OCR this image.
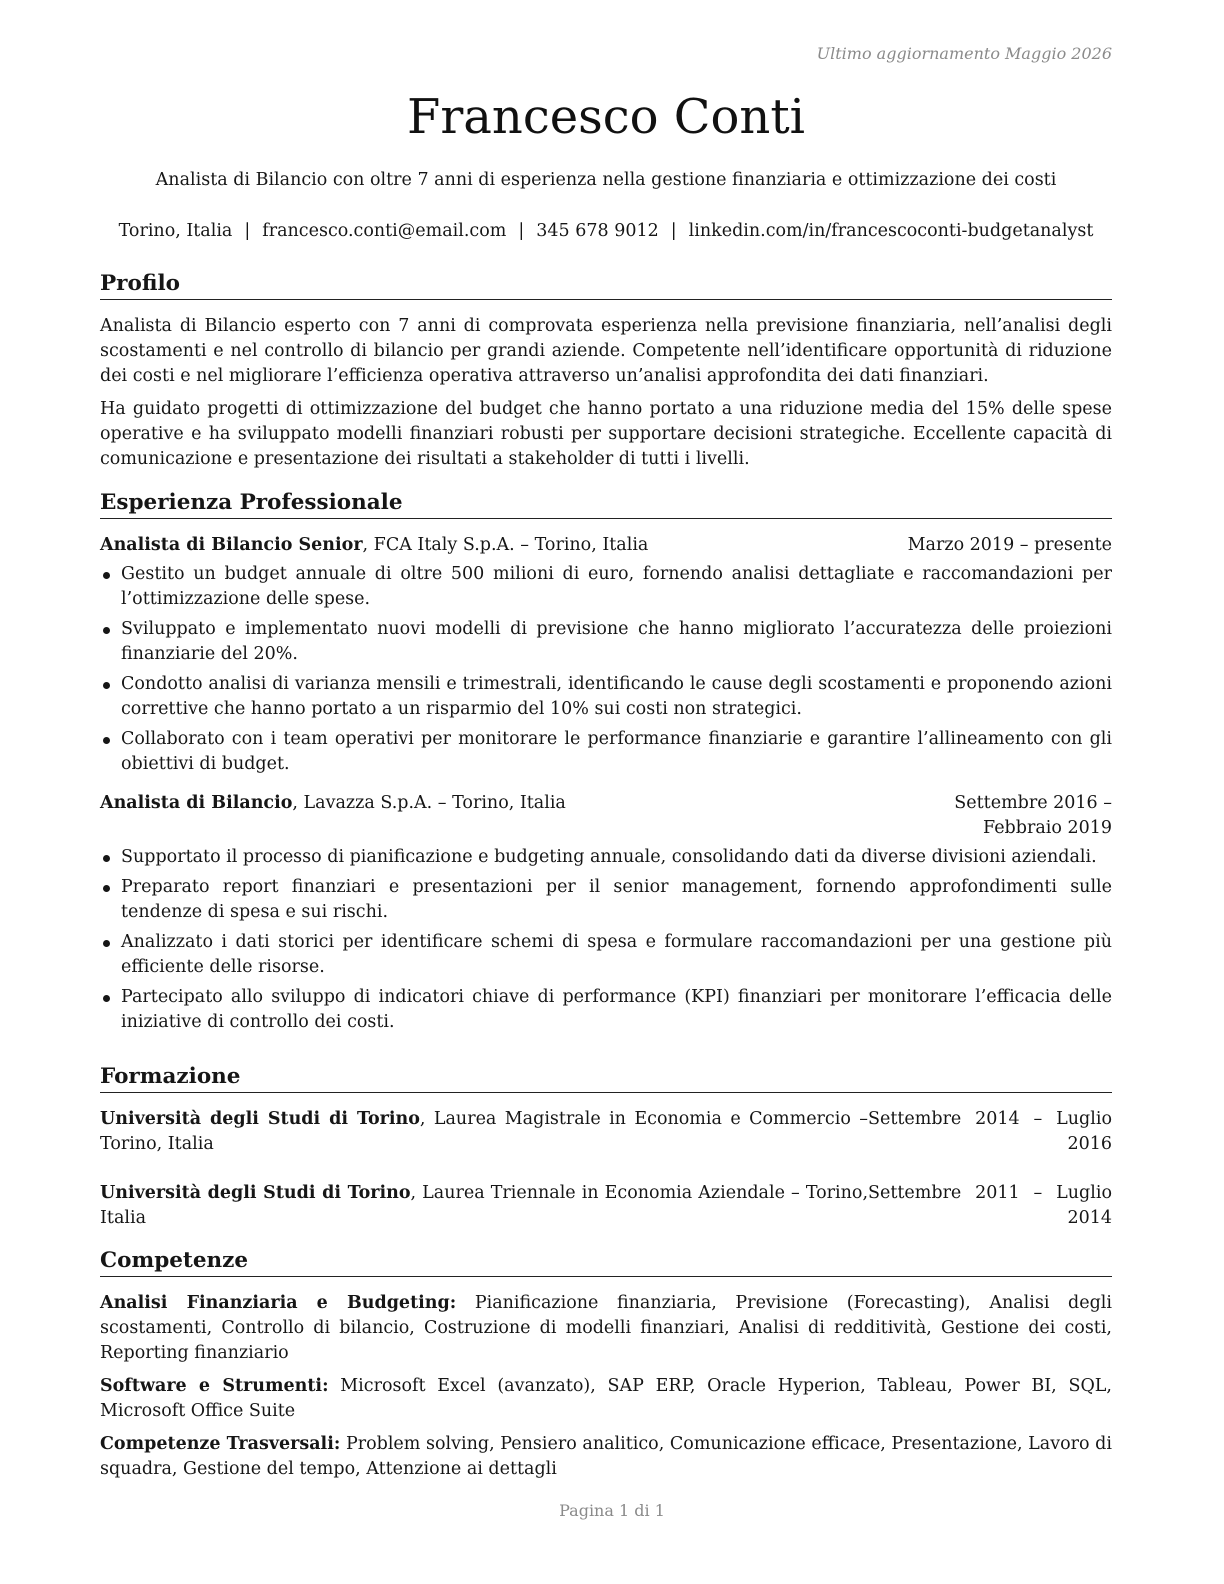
Ultimo aggiornamento Maggio 2026
Francesco Conti
Analista di Bilancio con oltre 7 anni di esperienza nella gestione finanziaria e ottimizzazione dei costi
Torino, Italia | francesco.conti@email.com | 345 678 9012 | linkedin.com/in/francescoconti-budgetanalyst
Profilo

Analista di Bilancio esperto con 7 anni di comprovata esperienza nella previsione finanziaria, nell’analisi degli scostamenti e nel controllo di bilancio per grandi aziende. Competente nell’identificare opportunità di riduzione dei costi e nel migliorare l’efficienza operativa attraverso un’analisi approfondita dei dati finanziari.

Ha guidato progetti di ottimizzazione del budget che hanno portato a una riduzione media del 15% delle spese operative e ha sviluppato modelli finanziari robusti per supportare decisioni strategiche. Eccellente capacità di comunicazione e presentazione dei risultati a stakeholder di tutti i livelli.

Esperienza Professionale
Analista di Bilancio Senior, FCA Italy S.p.A. – Torino, Italia	Marzo 2019 – presente
Gestito un budget annuale di oltre 500 milioni di euro, fornendo analisi dettagliate e raccomandazioni per l’ottimizzazione delle spese.
Sviluppato e implementato nuovi modelli di previsione che hanno migliorato l’accuratezza delle proiezioni finanziarie del 20%.
Condotto analisi di varianza mensili e trimestrali, identificando le cause degli scostamenti e proponendo azioni correttive che hanno portato a un risparmio del 10% sui costi non strategici.
Collaborato con i team operativi per monitorare le performance finanziarie e garantire l’allineamento con gli obiettivi di budget.
Analista di Bilancio, Lavazza S.p.A. – Torino, Italia	Settembre 2016 – Febbraio 2019
Supportato il processo di pianificazione e budgeting annuale, consolidando dati da diverse divisioni aziendali.
Preparato report finanziari e presentazioni per il senior management, fornendo approfondimenti sulle tendenze di spesa e sui rischi.
Analizzato i dati storici per identificare schemi di spesa e formulare raccomandazioni per una gestione più efficiente delle risorse.
Partecipato allo sviluppo di indicatori chiave di performance (KPI) finanziari per monitorare l’efficacia delle iniziative di controllo dei costi.
Formazione
Università degli Studi di Torino, Laurea Magistrale in Economia e Commercio – Torino, Italia
Settembre 2014 – Luglio 2016
Università degli Studi di Torino, Laurea Triennale in Economia Aziendale – Torino, Italia
Settembre 2011 – Luglio 2014
Competenze

Analisi Finanziaria e Budgeting: Pianificazione finanziaria, Previsione (Forecasting), Analisi degli scostamenti, Controllo di bilancio, Costruzione di modelli finanziari, Analisi di redditività, Gestione dei costi, Reporting finanziario

Software e Strumenti: Microsoft Excel (avanzato), SAP ERP, Oracle Hyperion, Tableau, Power BI, SQL, Microsoft Office Suite

Competenze Trasversali: Problem solving, Pensiero analitico, Comunicazione efficace, Presentazione, Lavoro di squadra, Gestione del tempo, Attenzione ai dettagli

Pagina 1 di 1
